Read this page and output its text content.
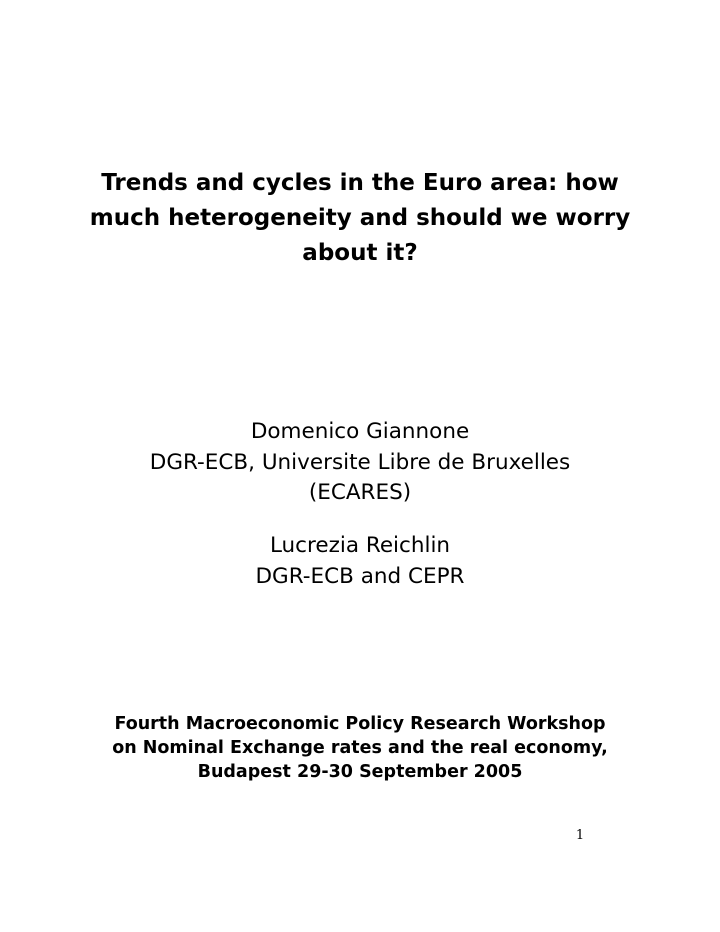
Trends and cycles in the Euro area: how
much heterogeneity and should we worry
about it?
Domenico Giannone
DGR-ECB, Universite Libre de Bruxelles
(ECARES)
Lucrezia Reichlin
DGR-ECB and CEPR
Fourth Macroeconomic Policy Research Workshop
on Nominal Exchange rates and the real economy,
Budapest 29-30 September 2005
1
